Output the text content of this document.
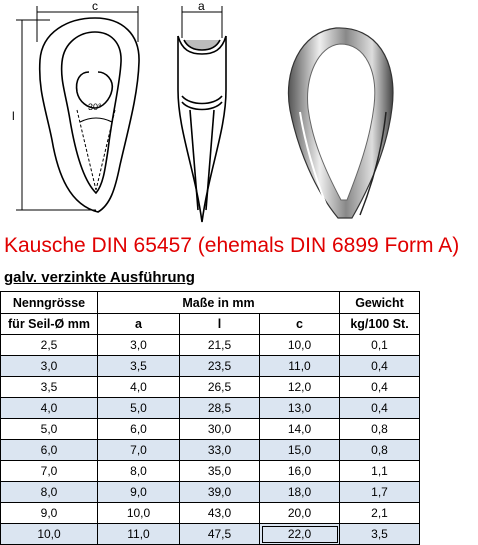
c
l
30°
a
Kausche DIN 65457 (ehemals DIN 6899 Form A)
galv. verzinkte Ausführung
Nenngrösse	Maße in mm			Gewicht	
für Seil-Ø mm	a	l	c	kg/100 St.	
2,5	3,0	21,5	10,0	0,1	
3,0	3,5	23,5	11,0	0,4	
3,5	4,0	26,5	12,0	0,4	
4,0	5,0	28,5	13,0	0,4	
5,0	6,0	30,0	14,0	0,8	
6,0	7,0	33,0	15,0	0,8	
7,0	8,0	35,0	16,0	1,1	
8,0	9,0	39,0	18,0	1,7	
9,0	10,0	43,0	20,0	2,1	
10,0	11,0	47,5	22,0	3,5	
